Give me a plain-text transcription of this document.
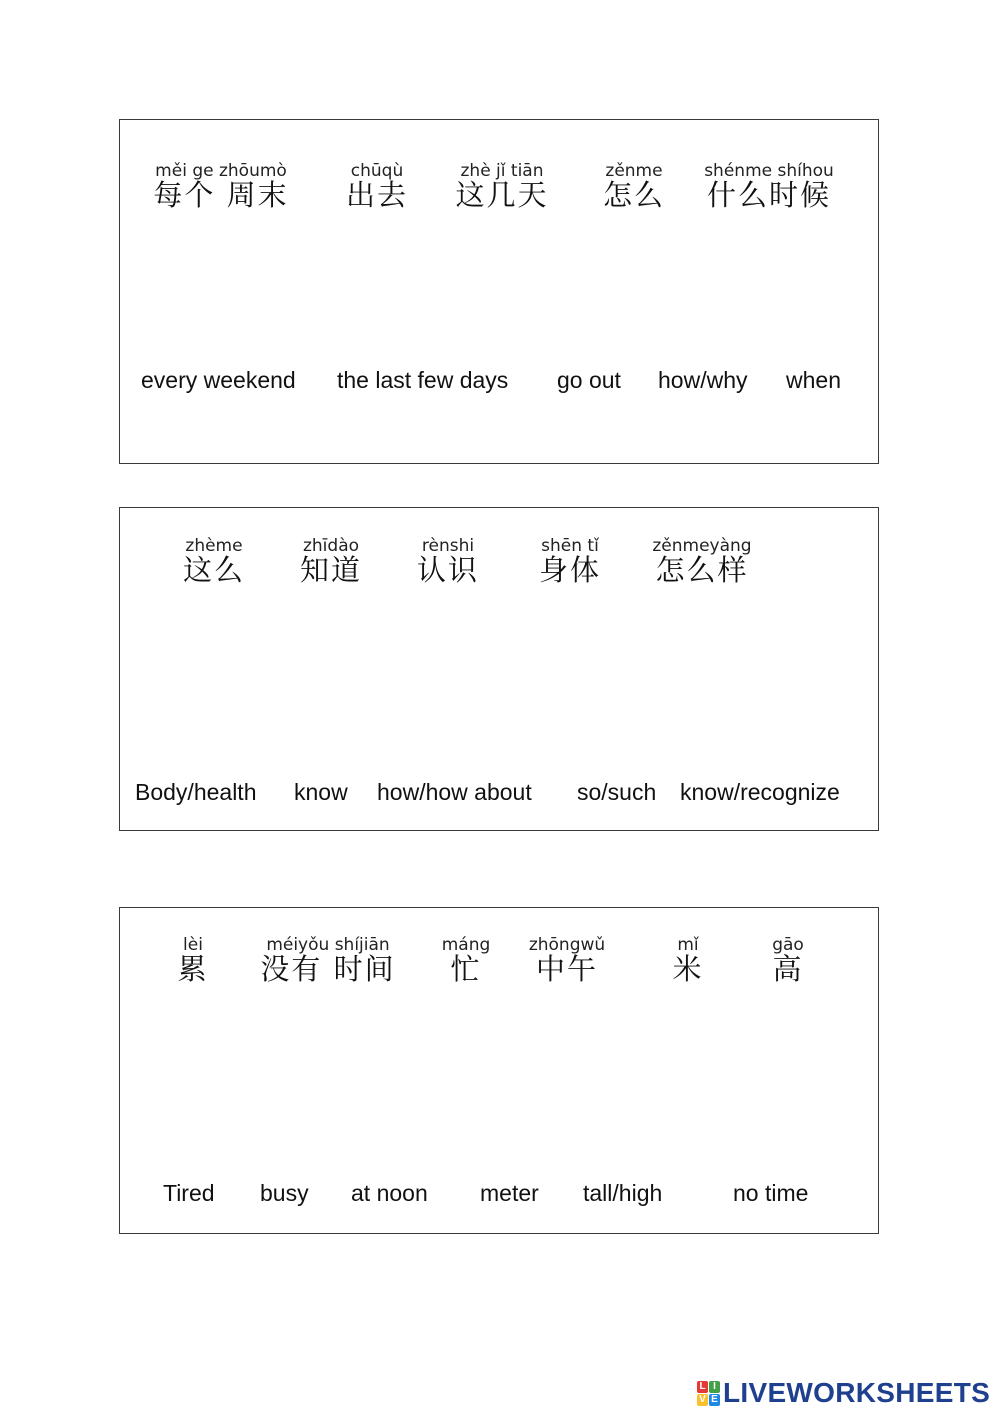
měi ge zhōumò
每个 周末
chūqù
出去
zhè jǐ tiān
这几天
zěnme
怎么
shénme shíhou
什么时候
every weekend the last few days go out how/why when
zhème
这么
zhīdào
知道
rènshi
认识
shēn tǐ
身体
zěnmeyàng
怎么样
Body/health know how/how about so/such know/recognize
lèi
累
méiyǒu shíjiān
没有 时间
máng
忙
zhōngwǔ
中午
mǐ
米
gāo
高
Tired busy at noon meter tall/high	no time
L I
V E LIVEWORKSHEETS
